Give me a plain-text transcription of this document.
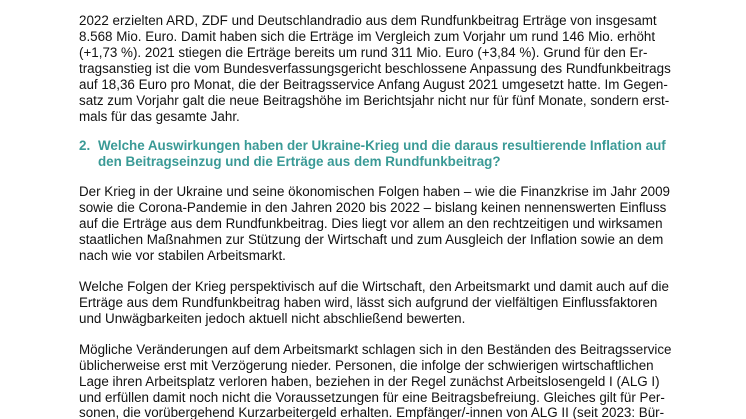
2022 erzielten ARD, ZDF und Deutschlandradio aus dem Rundfunkbeitrag Erträge von insgesamt
8.568 Mio. Euro. Damit haben sich die Erträge im Vergleich zum Vorjahr um rund 146 Mio. erhöht
(+1,73 %). 2021 stiegen die Erträge bereits um rund 311 Mio. Euro (+3,84 %). Grund für den Er-
tragsanstieg ist die vom Bundesverfassungsgericht beschlossene Anpassung des Rundfunkbeitrags
auf 18,36 Euro pro Monat, die der Beitragsservice Anfang August 2021 umgesetzt hatte. Im Gegen-
satz zum Vorjahr galt die neue Beitragshöhe im Berichtsjahr nicht nur für fünf Monate, sondern erst-
mals für das gesamte Jahr.
2. Welche Auswirkungen haben der Ukraine-Krieg und die daraus resultierende Inflation auf
den Beitragseinzug und die Erträge aus dem Rundfunkbeitrag?
Der Krieg in der Ukraine und seine ökonomischen Folgen haben – wie die Finanzkrise im Jahr 2009
sowie die Corona-Pandemie in den Jahren 2020 bis 2022 – bislang keinen nennenswerten Einfluss
auf die Erträge aus dem Rundfunkbeitrag. Dies liegt vor allem an den rechtzeitigen und wirksamen
staatlichen Maßnahmen zur Stützung der Wirtschaft und zum Ausgleich der Inflation sowie an dem
nach wie vor stabilen Arbeitsmarkt.
Welche Folgen der Krieg perspektivisch auf die Wirtschaft, den Arbeitsmarkt und damit auch auf die
Erträge aus dem Rundfunkbeitrag haben wird, lässt sich aufgrund der vielfältigen Einflussfaktoren
und Unwägbarkeiten jedoch aktuell nicht abschließend bewerten.
Mögliche Veränderungen auf dem Arbeitsmarkt schlagen sich in den Beständen des Beitragsservice
üblicherweise erst mit Verzögerung nieder. Personen, die infolge der schwierigen wirtschaftlichen
Lage ihren Arbeitsplatz verloren haben, beziehen in der Regel zunächst Arbeitslosengeld I (ALG I)
und erfüllen damit noch nicht die Voraussetzungen für eine Beitragsbefreiung. Gleiches gilt für Per-
sonen, die vorübergehend Kurzarbeitergeld erhalten. Empfänger/-innen von ALG II (seit 2023: Bür-
